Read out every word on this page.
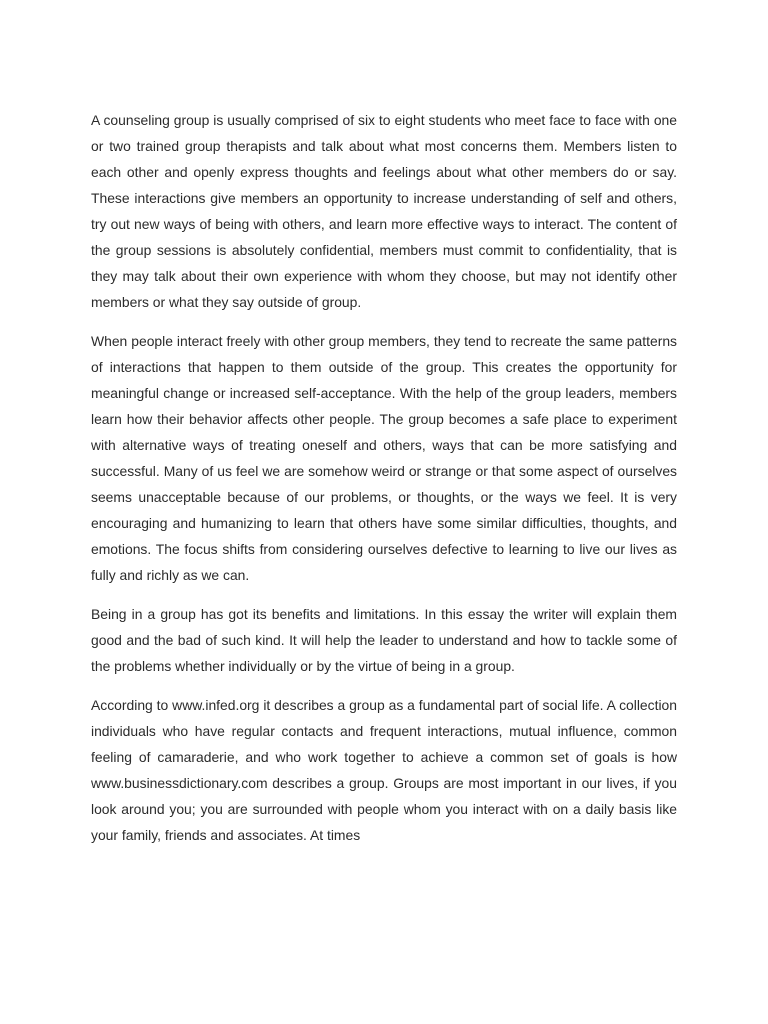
A counseling group is usually comprised of six to eight students who meet face to face with one or two trained group therapists and talk about what most concerns them. Members listen to each other and openly express thoughts and feelings about what other members do or say. These interactions give members an opportunity to increase understanding of self and others, try out new ways of being with others, and learn more effective ways to interact. The content of the group sessions is absolutely confidential, members must commit to confidentiality, that is they may talk about their own experience with whom they choose, but may not identify other members or what they say outside of group.

When people interact freely with other group members, they tend to recreate the same patterns of interactions that happen to them outside of the group. This creates the opportunity for meaningful change or increased self-acceptance. With the help of the group leaders, members learn how their behavior affects other people. The group becomes a safe place to experiment with alternative ways of treating oneself and others, ways that can be more satisfying and successful. Many of us feel we are somehow weird or strange or that some aspect of ourselves seems unacceptable because of our problems, or thoughts, or the ways we feel. It is very encouraging and humanizing to learn that others have some similar difficulties, thoughts, and emotions. The focus shifts from considering ourselves defective to learning to live our lives as fully and richly as we can.

Being in a group has got its benefits and limitations. In this essay the writer will explain them good and the bad of such kind. It will help the leader to understand and how to tackle some of the problems whether individually or by the virtue of being in a group.

According to www.infed.org it describes a group as a fundamental part of social life. A collection individuals who have regular contacts and frequent interactions, mutual influence, common feeling of camaraderie, and who work together to achieve a common set of goals is how www.businessdictionary.com describes a group. Groups are most important in our lives, if you look around you; you are surrounded with people whom you interact with on a daily basis like your family, friends and associates. At times
